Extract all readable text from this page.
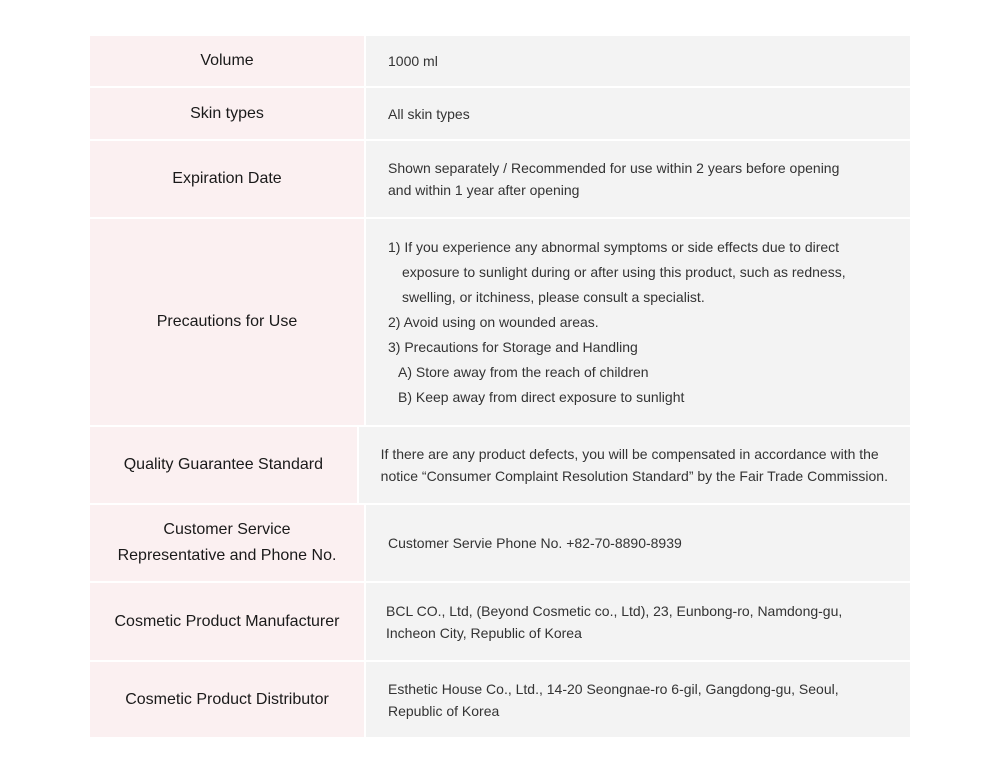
Volume	1000 ml
Skin types	All skin types
Expiration Date
Shown separately / Recommended for use within 2 years before opening
and within 1 year after opening
Precautions for Use
1) If you experience any abnormal symptoms or side effects due to direct
exposure to sunlight during or after using this product, such as redness,
swelling, or itchiness, please consult a specialist.
2) Avoid using on wounded areas.
3) Precautions for Storage and Handling
A) Store away from the reach of children
B) Keep away from direct exposure to sunlight
Quality Guarantee Standard
If there are any product defects, you will be compensated in accordance with the
notice “Consumer Complaint Resolution Standard” by the Fair Trade Commission.
Customer Service
Representative and Phone No.
Customer Servie Phone No. +82-70-8890-8939
Cosmetic Product Manufacturer
BCL CO., Ltd, (Beyond Cosmetic co., Ltd), 23, Eunbong-ro, Namdong-gu,
Incheon City, Republic of Korea
Cosmetic Product Distributor
Esthetic House Co., Ltd., 14-20 Seongnae-ro 6-gil, Gangdong-gu, Seoul,
Republic of Korea
